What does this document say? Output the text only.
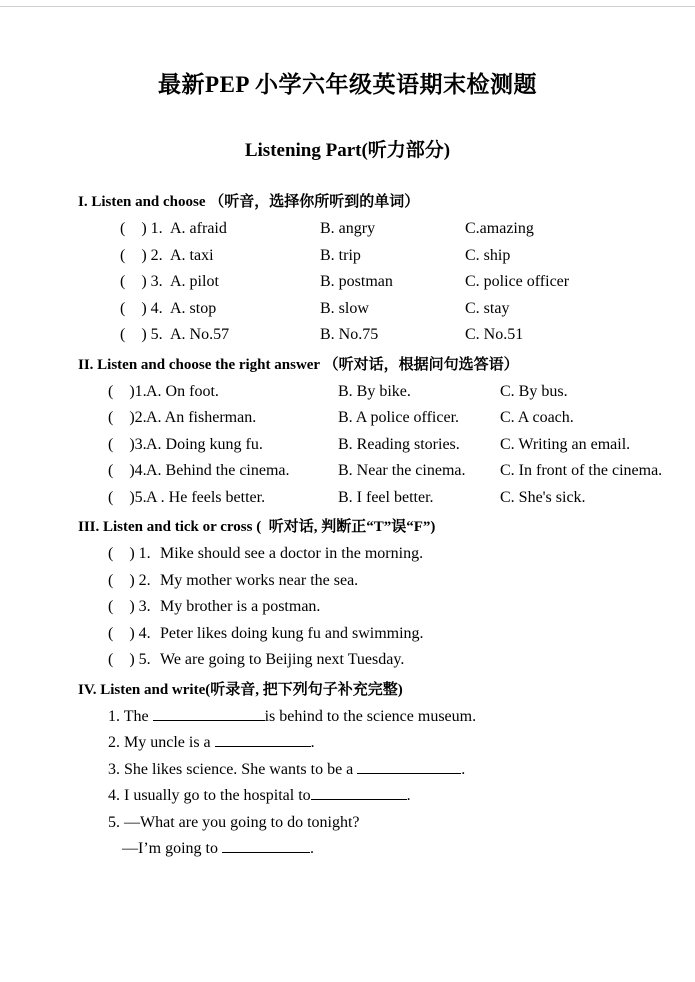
最新PEP 小学六年级英语期末检测题
Listening Part(听力部分)
I. Listen and choose （听音，选择你所听到的单词）
(    ) 1. A. afraid	B. angry	C.amazing
(    ) 2. A. taxi	B. trip	C. ship
(    ) 3. A. pilot	B. postman	C. police officer
(    ) 4. A. stop	B. slow	C. stay
(    ) 5. A. No.57	B. No.75	C. No.51
II. Listen and choose the right answer （听对话，根据问句选答语）
(    )1. A. On foot.	B. By bike.	C. By bus.
(    )2. A. An fisherman.	B. A police officer.	C. A coach.
(    )3. A. Doing kung fu.	B. Reading stories.	C. Writing an email.
(    )4. A. Behind the cinema.	B. Near the cinema.	C. In front of the cinema.
(    )5. A . He feels better.	B. I feel better.	C. She's sick.
III. Listen and tick or cross (  听对话, 判断正“T”误“F”)
(    ) 1. Mike should see a doctor in the morning.
(    ) 2. My mother works near the sea.
(    ) 3. My brother is a postman.
(    ) 4. Peter likes doing kung fu and swimming.
(    ) 5. We are going to Beijing next Tuesday.
IV. Listen and write(听录音, 把下列句子补充完整)
1. The	is behind to the science museum.
2. My uncle is a	.
3. She likes science. She wants to be a	.
4. I usually go to the hospital to	.
5. —What are you going to do tonight?
—I’m going to	.
